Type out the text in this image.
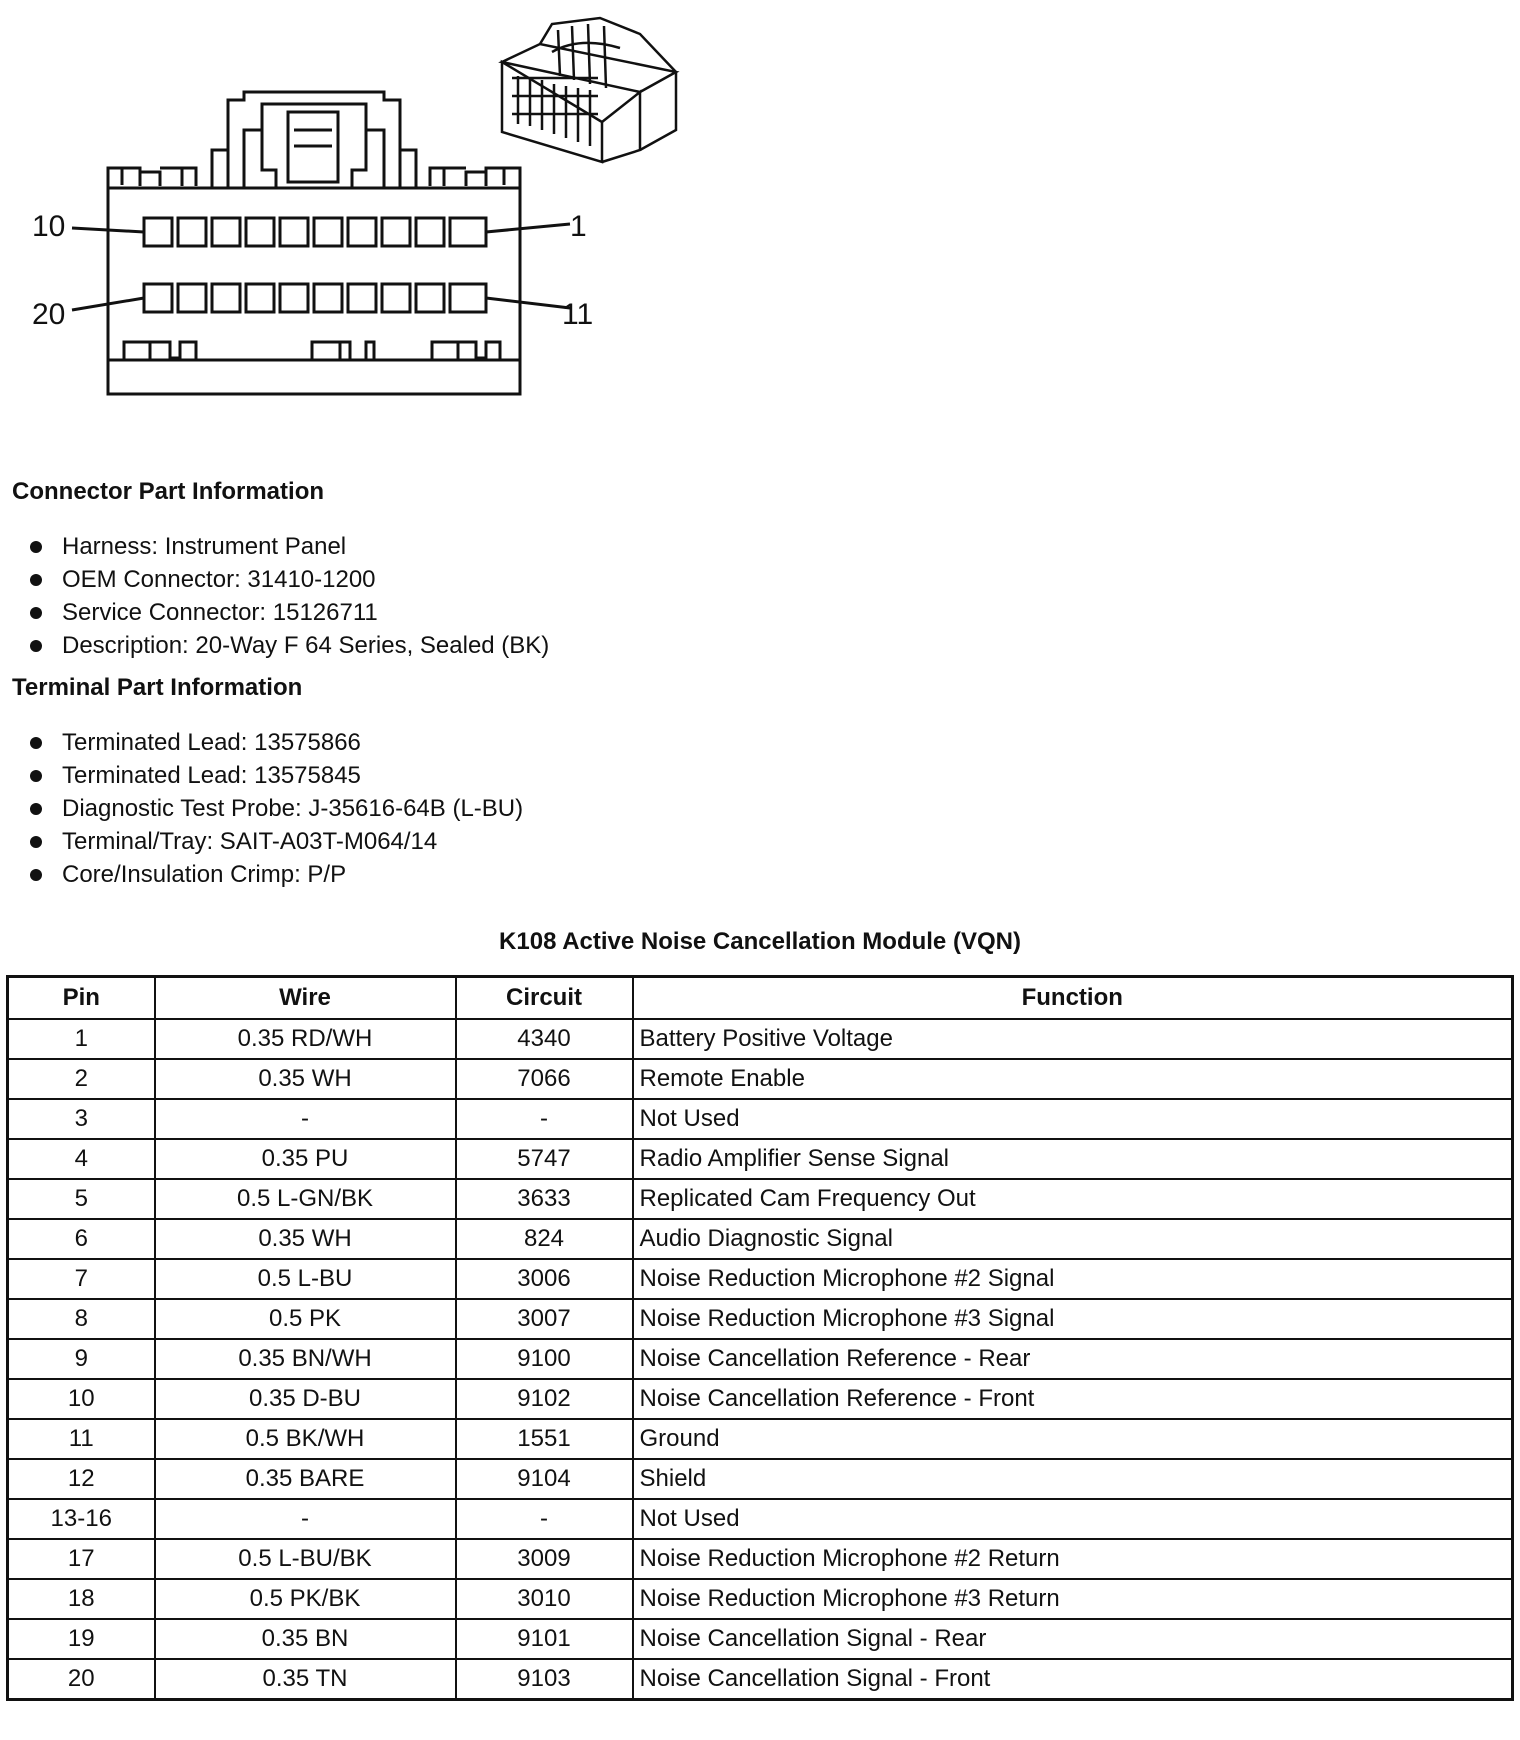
10	1
20	11
Connector Part Information
Harness: Instrument Panel
OEM Connector: 31410-1200
Service Connector: 15126711
Description: 20-Way F 64 Series, Sealed (BK)
Terminal Part Information
Terminated Lead: 13575866
Terminated Lead: 13575845
Diagnostic Test Probe: J-35616-64B (L-BU)
Terminal/Tray: SAIT-A03T-M064/14
Core/Insulation Crimp: P/P
K108 Active Noise Cancellation Module (VQN)
Pin	Wire	Circuit	Function
1	0.35 RD/WH	4340	Battery Positive Voltage
2	0.35 WH	7066	Remote Enable
3	-	-	Not Used
4	0.35 PU	5747	Radio Amplifier Sense Signal
5	0.5 L-GN/BK	3633	Replicated Cam Frequency Out
6	0.35 WH	824	Audio Diagnostic Signal
7	0.5 L-BU	3006	Noise Reduction Microphone #2 Signal
8	0.5 PK	3007	Noise Reduction Microphone #3 Signal
9	0.35 BN/WH	9100	Noise Cancellation Reference - Rear
10	0.35 D-BU	9102	Noise Cancellation Reference - Front
11	0.5 BK/WH	1551	Ground
12	0.35 BARE	9104	Shield
13-16	-	-	Not Used
17	0.5 L-BU/BK	3009	Noise Reduction Microphone #2 Return
18	0.5 PK/BK	3010	Noise Reduction Microphone #3 Return
19	0.35 BN	9101	Noise Cancellation Signal - Rear
20	0.35 TN	9103	Noise Cancellation Signal - Front
